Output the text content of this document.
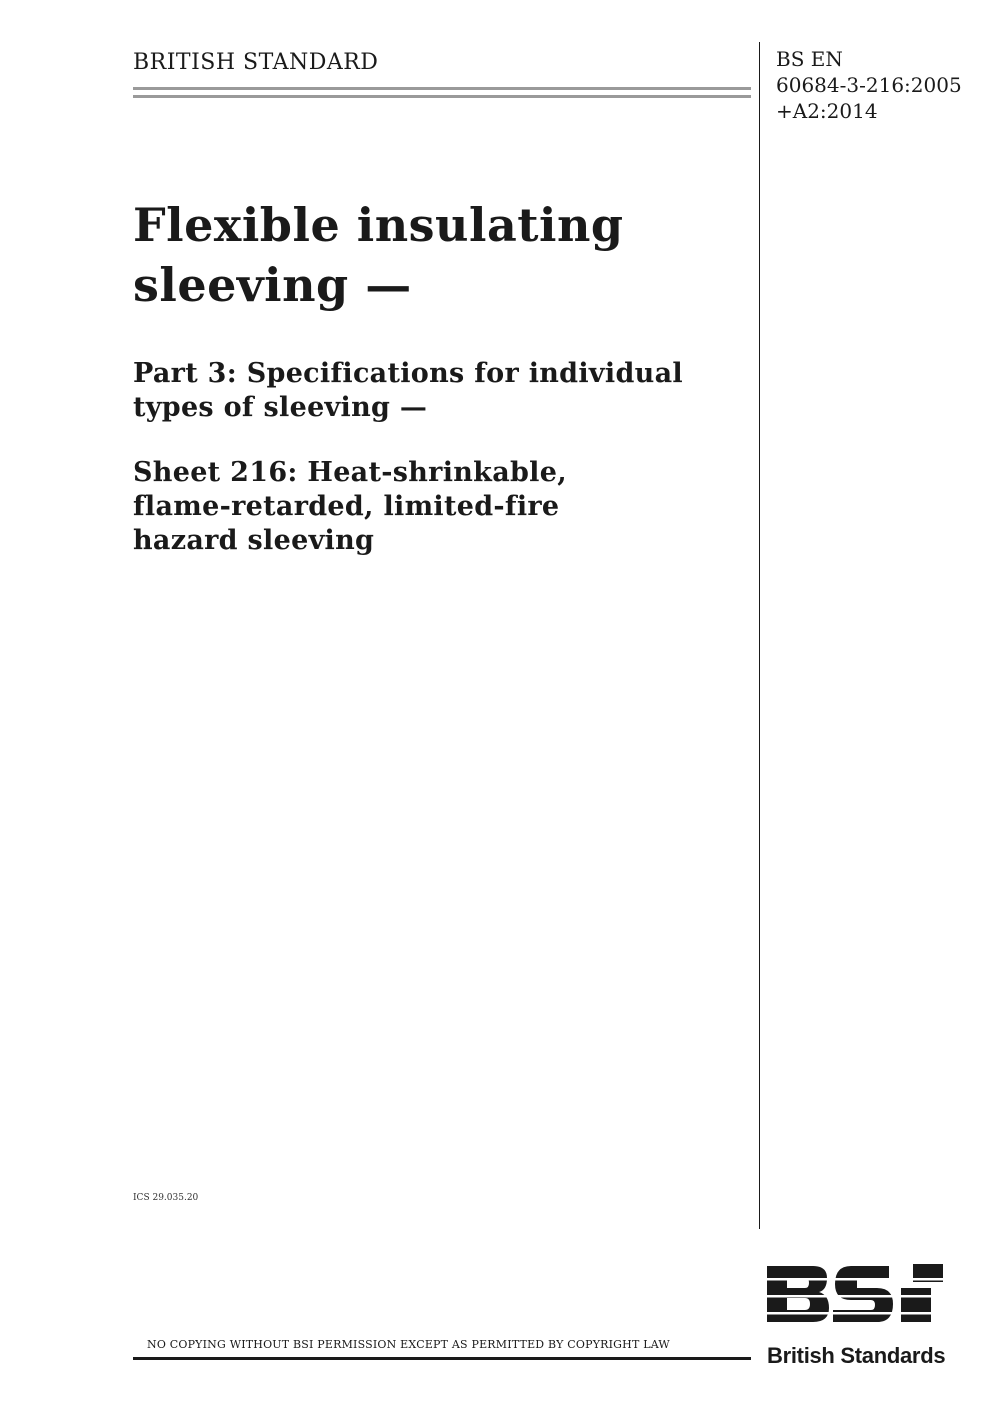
BRITISH STANDARD	BS EN
60684-3-216:2005
+A2:2014
Flexible insulating
sleeving —
Part 3: Specifications for individual
types of sleeving —
Sheet 216: Heat-shrinkable,
flame-retarded, limited-fire
hazard sleeving
ICS 29.035.20
NO COPYING WITHOUT BSI PERMISSION EXCEPT AS PERMITTED BY COPYRIGHT LAW	British Standards
